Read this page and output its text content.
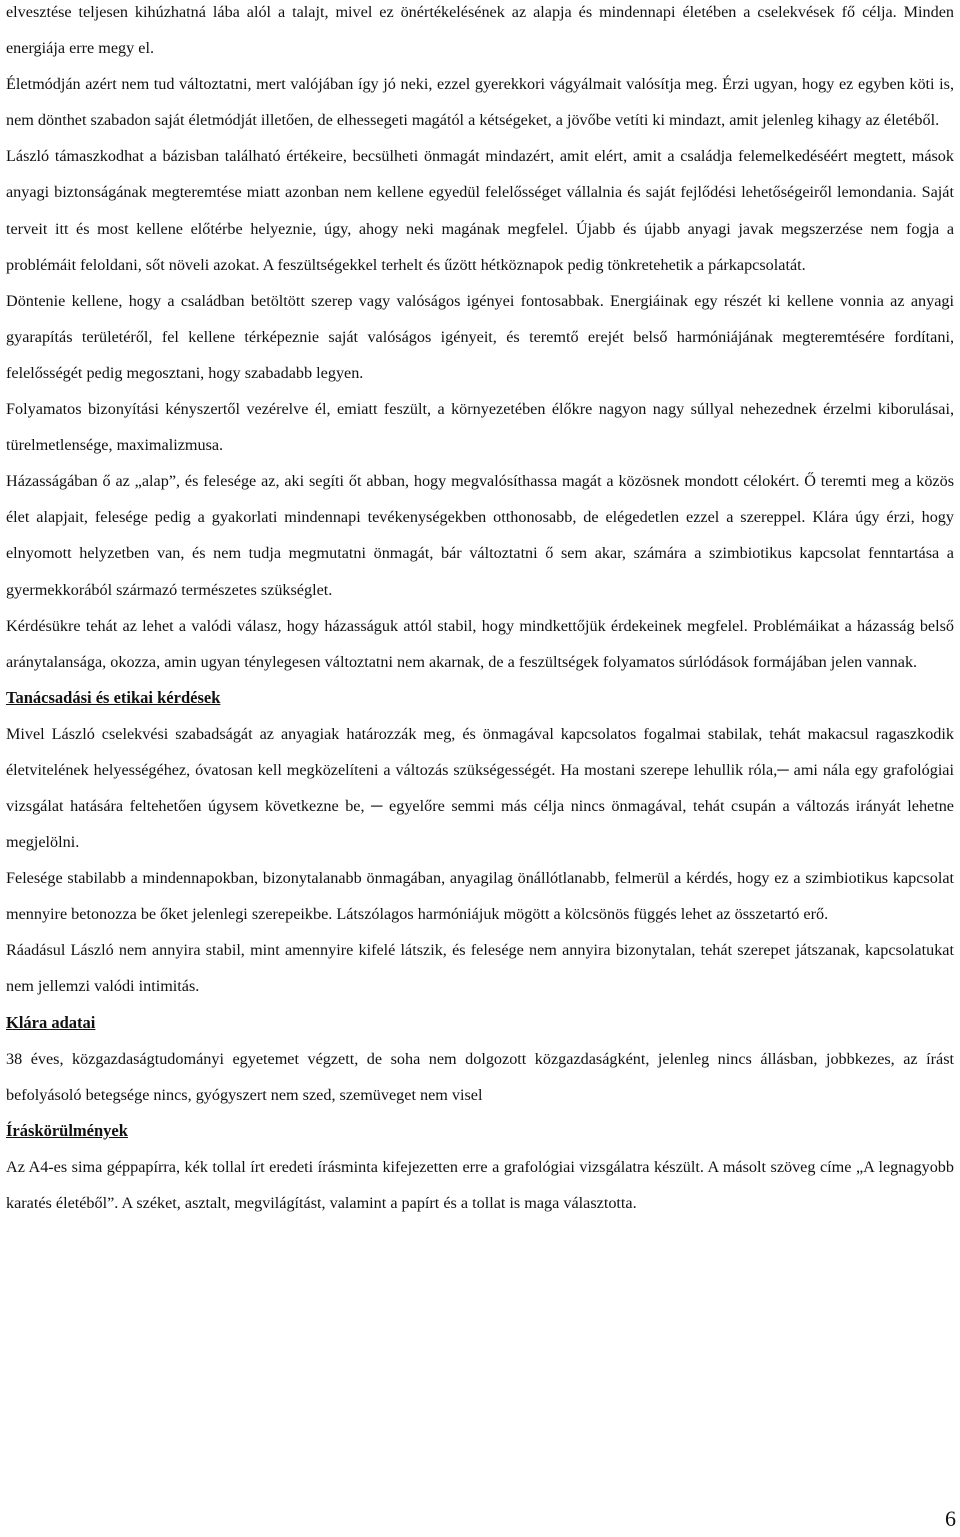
elvesztése teljesen kihúzhatná lába alól a talajt, mivel ez önértékelésének az alapja és mindennapi életében a cselekvések fő célja. Minden energiája erre megy el.

Életmódján azért nem tud változtatni, mert valójában így jó neki, ezzel gyerekkori vágyálmait valósítja meg. Érzi ugyan, hogy ez egyben köti is, nem dönthet szabadon saját életmódját illetően, de elhessegeti magától a kétségeket, a jövőbe vetíti ki mindazt, amit jelenleg kihagy az életéből.

László támaszkodhat a bázisban található értékeire, becsülheti önmagát mindazért, amit elért, amit a családja felemelkedéséért megtett, mások anyagi biztonságának megteremtése miatt azonban nem kellene egyedül felelősséget vállalnia és saját fejlődési lehetőségeiről lemondania. Saját terveit itt és most kellene előtérbe helyeznie, úgy, ahogy neki magának megfelel. Újabb és újabb anyagi javak megszerzése nem fogja a problémáit feloldani, sőt növeli azokat. A feszültségekkel terhelt és űzött hétköznapok pedig tönkretehetik a párkapcsolatát.

Döntenie kellene, hogy a családban betöltött szerep vagy valóságos igényei fontosabbak. Energiáinak egy részét ki kellene vonnia az anyagi gyarapítás területéről, fel kellene térképeznie saját valóságos igényeit, és teremtő erejét belső harmóniájának megteremtésére fordítani, felelősségét pedig megosztani, hogy szabadabb legyen.

Folyamatos bizonyítási kényszertől vezérelve él, emiatt feszült, a környezetében élőkre nagyon nagy súllyal nehezednek érzelmi kiborulásai, türelmetlensége, maximalizmusa.

Házasságában ő az „alap”, és felesége az, aki segíti őt abban, hogy megvalósíthassa magát a közösnek mondott célokért. Ő teremti meg a közös élet alapjait, felesége pedig a gyakorlati mindennapi tevékenységekben otthonosabb, de elégedetlen ezzel a szereppel. Klára úgy érzi, hogy elnyomott helyzetben van, és nem tudja megmutatni önmagát, bár változtatni ő sem akar, számára a szimbiotikus kapcsolat fenntartása a gyermekkorából származó természetes szükséglet.

Kérdésükre tehát az lehet a valódi válasz, hogy házasságuk attól stabil, hogy mindkettőjük érdekeinek megfelel. Problémáikat a házasság belső aránytalansága, okozza, amin ugyan ténylegesen változtatni nem akarnak, de a feszültségek folyamatos súrlódások formájában jelen vannak.

Tanácsadási és etikai kérdések

Mivel László cselekvési szabadságát az anyagiak határozzák meg, és önmagával kapcsolatos fogalmai stabilak, tehát makacsul ragaszkodik életvitelének helyességéhez, óvatosan kell megközelíteni a változás szükségességét. Ha mostani szerepe lehullik róla,─ ami nála egy grafológiai vizsgálat hatására feltehetően úgysem következne be, ─ egyelőre semmi más célja nincs önmagával, tehát csupán a változás irányát lehetne megjelölni.

Felesége stabilabb a mindennapokban, bizonytalanabb önmagában, anyagilag önállótlanabb, felmerül a kérdés, hogy ez a szimbiotikus kapcsolat mennyire betonozza be őket jelenlegi szerepeikbe. Látszólagos harmóniájuk mögött a kölcsönös függés lehet az összetartó erő.

Ráadásul László nem annyira stabil, mint amennyire kifelé látszik, és felesége nem annyira bizonytalan, tehát szerepet játszanak, kapcsolatukat nem jellemzi valódi intimitás.

Klára adatai

38 éves, közgazdaságtudományi egyetemet végzett, de soha nem dolgozott közgazdaságként, jelenleg nincs állásban, jobbkezes, az írást befolyásoló betegsége nincs, gyógyszert nem szed, szemüveget nem visel

Íráskörülmények

Az A4-es sima géppapírra, kék tollal írt eredeti írásminta kifejezetten erre a grafológiai vizsgálatra készült. A másolt szöveg címe „A legnagyobb karatés életéből”. A széket, asztalt, megvilágítást, valamint a papírt és a tollat is maga választotta.

6
